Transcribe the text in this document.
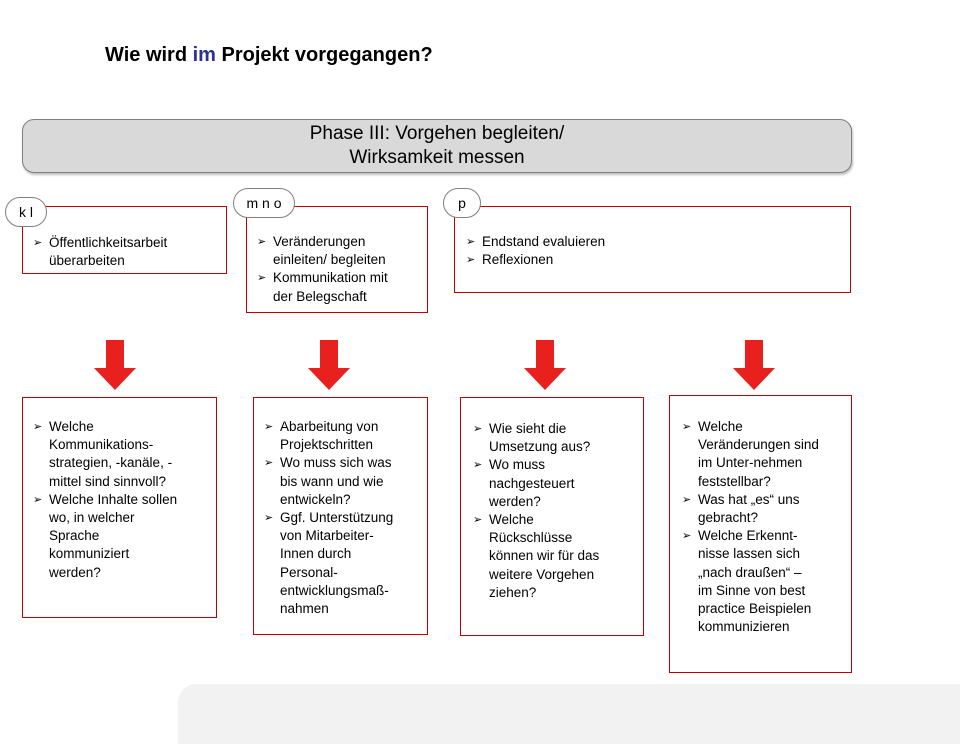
Wie wird im Projekt vorgegangen?
Phase III: Vorgehen begleiten/
Wirksamkeit messen
➢ Öffentlichkeitsarbeit
überarbeiten
k l
➢ Veränderungen
einleiten/ begleiten
➢ Kommunikation mit
der Belegschaft
m n o
➢ Endstand evaluieren
➢ Reflexionen
p
➢ Welche
Kommunikations-
strategien, -kanäle, -
mittel sind sinnvoll?
➢ Welche Inhalte sollen
wo, in welcher
Sprache
kommuniziert
werden?
➢ Abarbeitung von
Projektschritten
➢ Wo muss sich was
bis wann und wie
entwickeln?
➢ Ggf. Unterstützung
von Mitarbeiter-
Innen durch
Personal-
entwicklungsmaß-
nahmen
➢ Wie sieht die
Umsetzung aus?
➢ Wo muss
nachgesteuert
werden?
➢ Welche
Rückschlüsse
können wir für das
weitere Vorgehen
ziehen?
➢ Welche
Veränderungen sind
im Unter-nehmen
feststellbar?
➢ Was hat „es“ uns
gebracht?
➢ Welche Erkennt-
nisse lassen sich
„nach draußen“ –
im Sinne von best
practice Beispielen
kommunizieren
